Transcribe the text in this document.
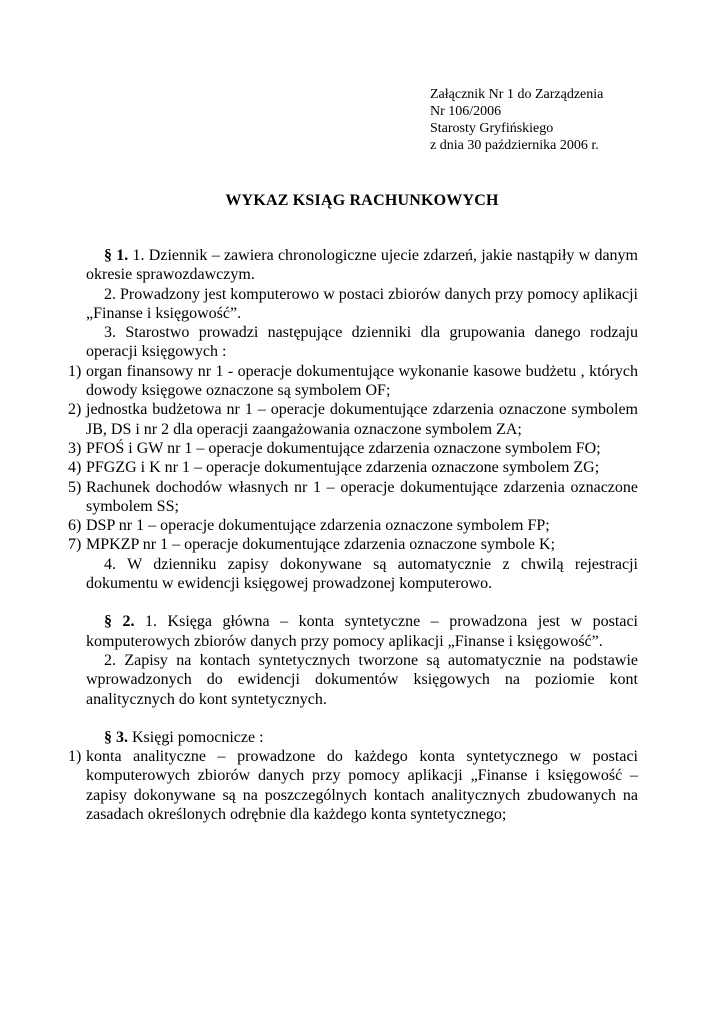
Załącznik Nr 1 do Zarządzenia
Nr 106/2006
Starosty Gryfińskiego
z dnia 30 października 2006 r.
WYKAZ KSIĄG RACHUNKOWYCH

§ 1. 1. Dziennik – zawiera chronologiczne ujecie zdarzeń, jakie nastąpiły w danym okresie sprawozdawczym.

2. Prowadzony jest komputerowo w postaci zbiorów danych przy pomocy aplikacji „Finanse i księgowość”.

3. Starostwo prowadzi następujące dzienniki dla grupowania danego rodzaju operacji księgowych :

1) organ finansowy nr 1 - operacje dokumentujące wykonanie kasowe budżetu , których dowody księgowe oznaczone są symbolem OF;
2) jednostka budżetowa nr 1 – operacje dokumentujące zdarzenia oznaczone symbolem JB, DS i nr 2 dla operacji zaangażowania oznaczone symbolem ZA;
3) PFOŚ i GW nr 1 – operacje dokumentujące zdarzenia oznaczone symbolem FO;
4) PFGZG i K nr 1 – operacje dokumentujące zdarzenia oznaczone symbolem ZG;
5) Rachunek dochodów własnych nr 1 – operacje dokumentujące zdarzenia oznaczone symbolem SS;
6) DSP nr 1 – operacje dokumentujące zdarzenia oznaczone symbolem FP;
7) MPKZP nr 1 – operacje dokumentujące zdarzenia oznaczone symbole K;

4. W dzienniku zapisy dokonywane są automatycznie z chwilą rejestracji dokumentu w ewidencji księgowej prowadzonej komputerowo.

§ 2. 1. Księga główna – konta syntetyczne – prowadzona jest w postaci komputerowych zbiorów danych przy pomocy aplikacji „Finanse i księgowość”.

2. Zapisy na kontach syntetycznych tworzone są automatycznie na podstawie wprowadzonych do ewidencji dokumentów księgowych na poziomie kont analitycznych do kont syntetycznych.

§ 3. Księgi pomocnicze :

1) konta analityczne – prowadzone do każdego konta syntetycznego w postaci komputerowych zbiorów danych przy pomocy aplikacji „Finanse i księgowość – zapisy dokonywane są na poszczególnych kontach analitycznych zbudowanych na zasadach określonych odrębnie dla każdego konta syntetycznego;
